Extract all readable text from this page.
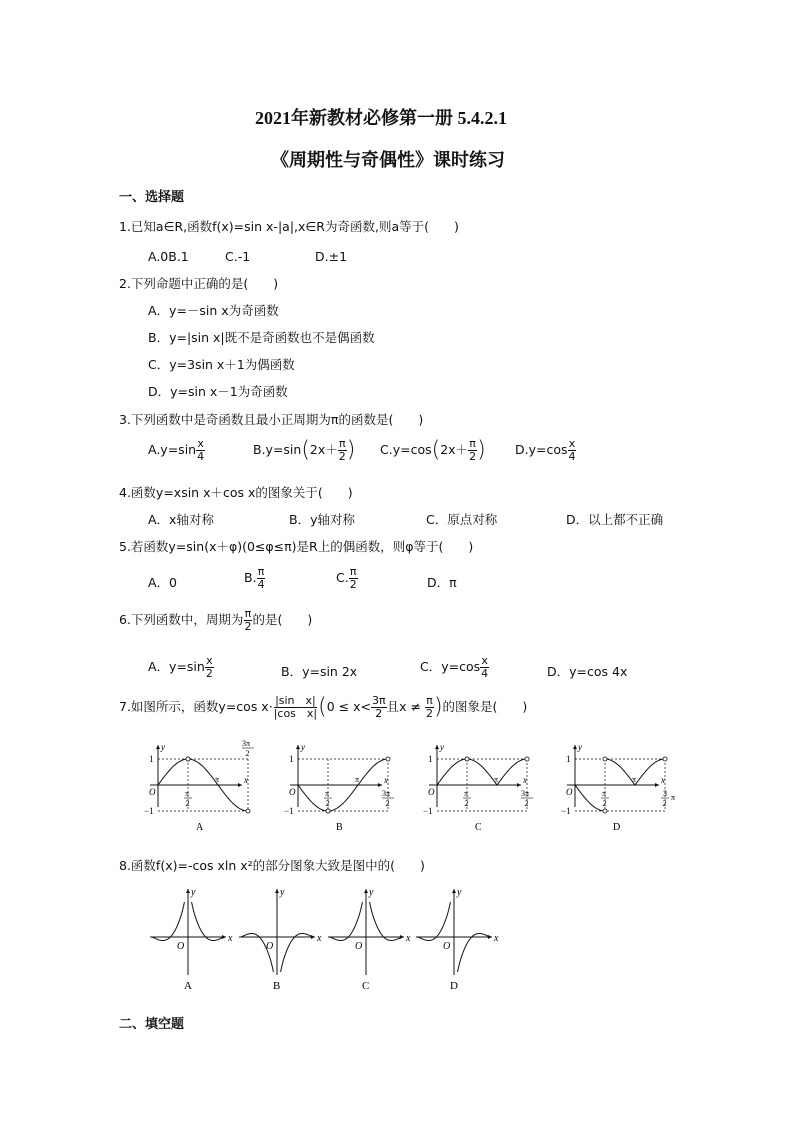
2021年新教材必修第一册 5.4.2.1
《周期性与奇偶性》课时练习
一、选择题
1.已知a∈R,函数f(x)=sin x-|a|,x∈R为奇函数,则a等于(　　)
A.0B.1	C.-1	D.±1
2.下列命题中正确的是(　　)
A．y=－sin x为奇函数
B．y=|sin x|既不是奇函数也不是偶函数
C．y=3sin x＋1为偶函数
D．y=sin x－1为奇函数
3.下列函数中是奇函数且最小正周期为π的函数是(　　)
$A.y=\sin \frac{x}{4}$	$B.y=\sin(2x+ \frac{\pi}{2}$ ) $C.y=\cos(2x+ \frac{\pi}{2}$ ) $D.y=\cos \frac{x}{4}$
4.函数y=xsin x＋cos x的图象关于(　　)
A．x轴对称	B．y轴对称	C．原点对称	D．以上都不正确
5.若函数y=sin(x＋φ)(0≤φ≤π)是R上的偶函数，则φ等于(　　)
A．0	B. $\frac{\pi}{4}$	C. $\frac{\pi}{2}$	D．π
6.下列函数中，周期为 $\frac{\pi}{2}$ 的是(　　)
A．$y=\sin \frac{x}{2}$	B．y=sin 2x	C．$y=\cos \frac{x}{4}$	D．y=cos 4x
7.如图所示，函数y=cos $x\cdot \frac{\text{|sin　x|}}{\text{|cos　x|}} (0 \le x< \frac{3\pi}{2}$ 且$x \ne \frac{\pi}{2}$ )的图象是(　　)
x
y
O
1
−1
π
2
π
3π
2
A
x
y
O
1
−1
π
2
π
3π
2
B
x
y
O
1
−1
π
2
π
3π
2
C
x
y
O
1
−1
π
2
π
3
2
π
D
8.函数f(x)=-cos xln x²的部分图象大致是图中的(　　)
x
y
O
A
x
y
O
B
x
y
O
C
x
y
O
D
二、填空题
